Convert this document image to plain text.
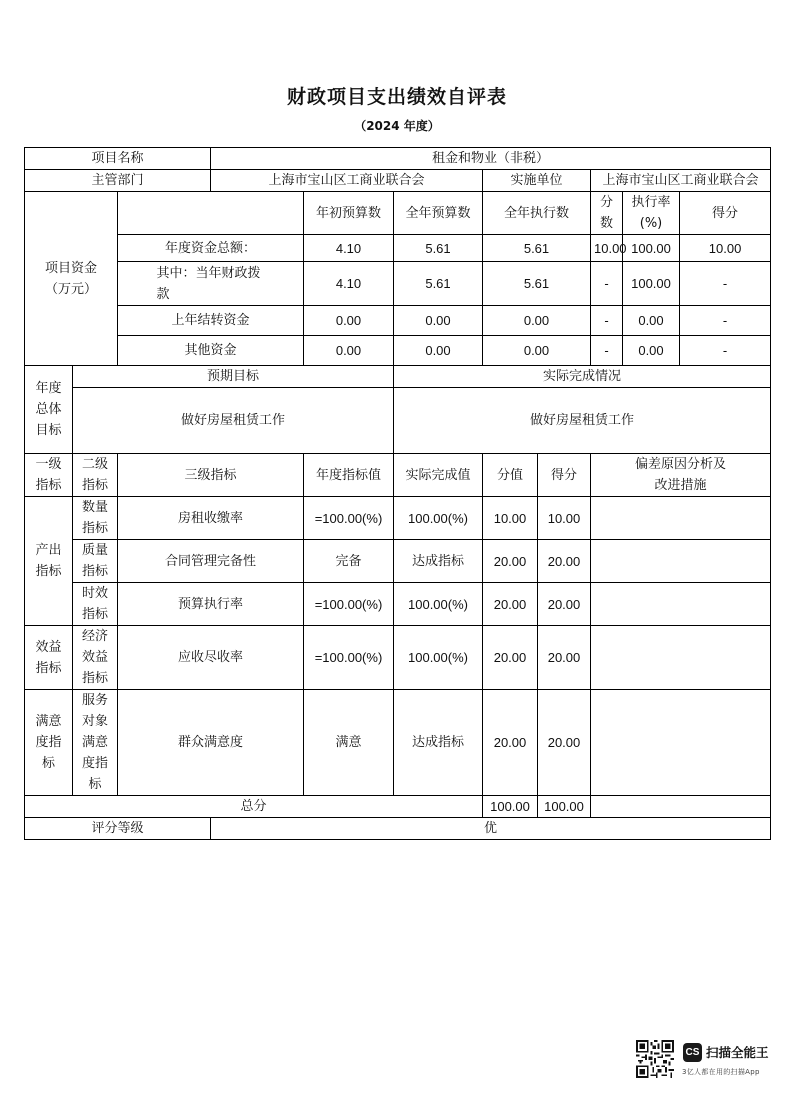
财政项目支出绩效自评表
（2024 年度）
项目名称			租金和物业（非税）							
主管部门			上海市宝山区工商业联合会			实施单位		上海市宝山区工商业联合会		
项目资金（万元）				年初预算数	全年预算数	全年执行数		分数	执行率(%)	得分
		年度资金总额：		4.10	5.61	5.61		10.00	100.00	10.00
		其中：当年财政拨款		4.10	5.61	5.61		-	100.00	-
		上年结转资金		0.00	0.00	0.00		-	0.00	-
		其他资金		0.00	0.00	0.00		-	0.00	-
年度总体目标	预期目标				实际完成情况					
	做好房屋租赁工作				做好房屋租赁工作					
一级指标	二级指标	三级指标		年度指标值	实际完成值	分值	得分	偏差原因分析及改进措施		
产出指标	数量指标	房租收缴率		=100.00(%)	100.00(%)	10.00	10.00			
	质量指标	合同管理完备性		完备	达成指标	20.00	20.00			
	时效指标	预算执行率		=100.00(%)	100.00(%)	20.00	20.00			
效益指标	经济效益指标	应收尽收率		=100.00(%)	100.00(%)	20.00	20.00			
满意度指标	服务对象满意度指标	群众满意度		满意	达成指标	20.00	20.00			
总分						100.00	100.00			
评分等级			优							
CS 扫描全能王
3亿人都在用的扫描App
